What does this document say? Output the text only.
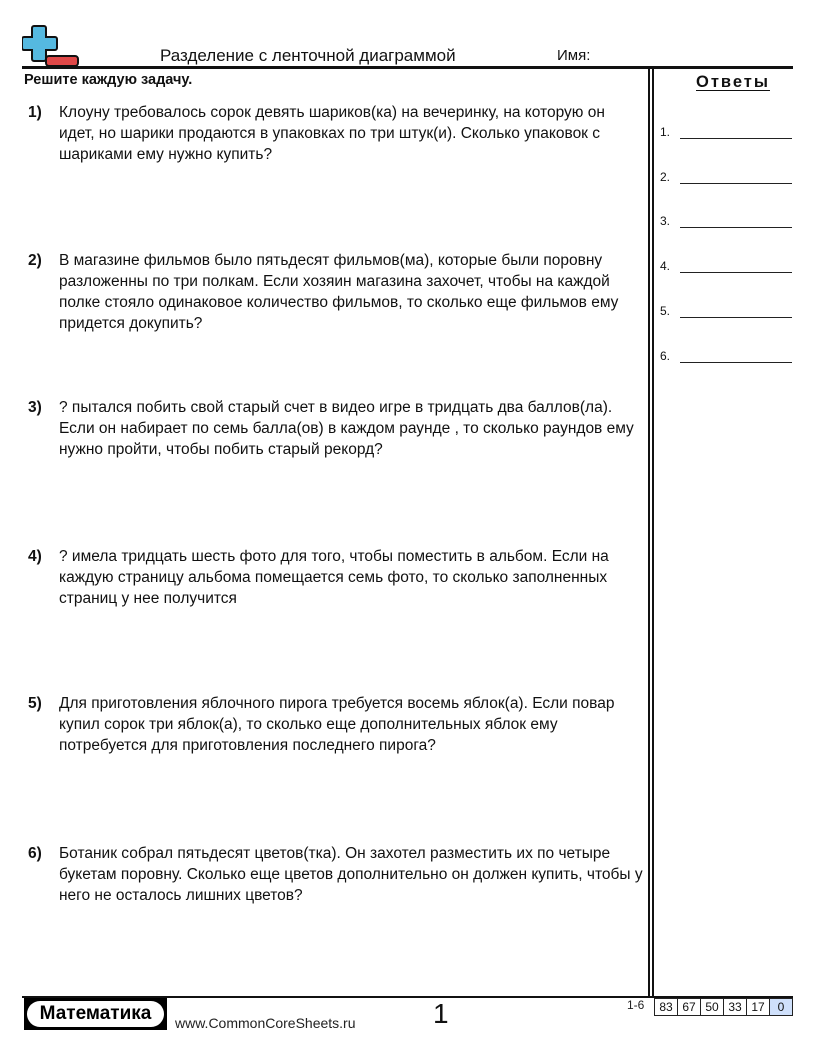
Разделение с ленточной диаграммой	Имя:
Решите каждую задачу.
1)	Клоуну требовалось сорок девять шариков(ка) на вечеринку, на которую он идет, но шарики продаются в упаковках по три штук(и). Сколько упаковок с шариками ему нужно купить?
2)	В магазине фильмов было пятьдесят фильмов(ма), которые были поровну разложенны по три полкам. Если хозяин магазина захочет, чтобы на каждой полке стояло одинаковое количество фильмов, то сколько еще фильмов ему придется докупить?
3)	? пытался побить свой старый счет в видео игре в тридцать два баллов(ла). Если он набирает по семь балла(ов) в каждом раунде , то сколько раундов ему нужно пройти, чтобы побить старый рекорд?
4)	? имела тридцать шесть фото для того, чтобы поместить в альбом. Если на каждую страницу альбома помещается семь фото, то сколько заполненных страниц у нее получится
5)	Для приготовления яблочного пирога требуется восемь яблок(а). Если повар купил сорок три яблок(а), то сколько еще дополнительных яблок ему потребуется для приготовления последнего пирога?
6)	Ботаник собрал пятьдесят цветов(тка). Он захотел разместить их по четыре букетам поровну. Сколько еще цветов дополнительно он должен купить, чтобы у него не осталось лишних цветов?
Ответы
1.
2.
3.
4.
5.
6.
Математика	www.CommonCoreSheets.ru	1	1-6	83 67 50 33 17	0
